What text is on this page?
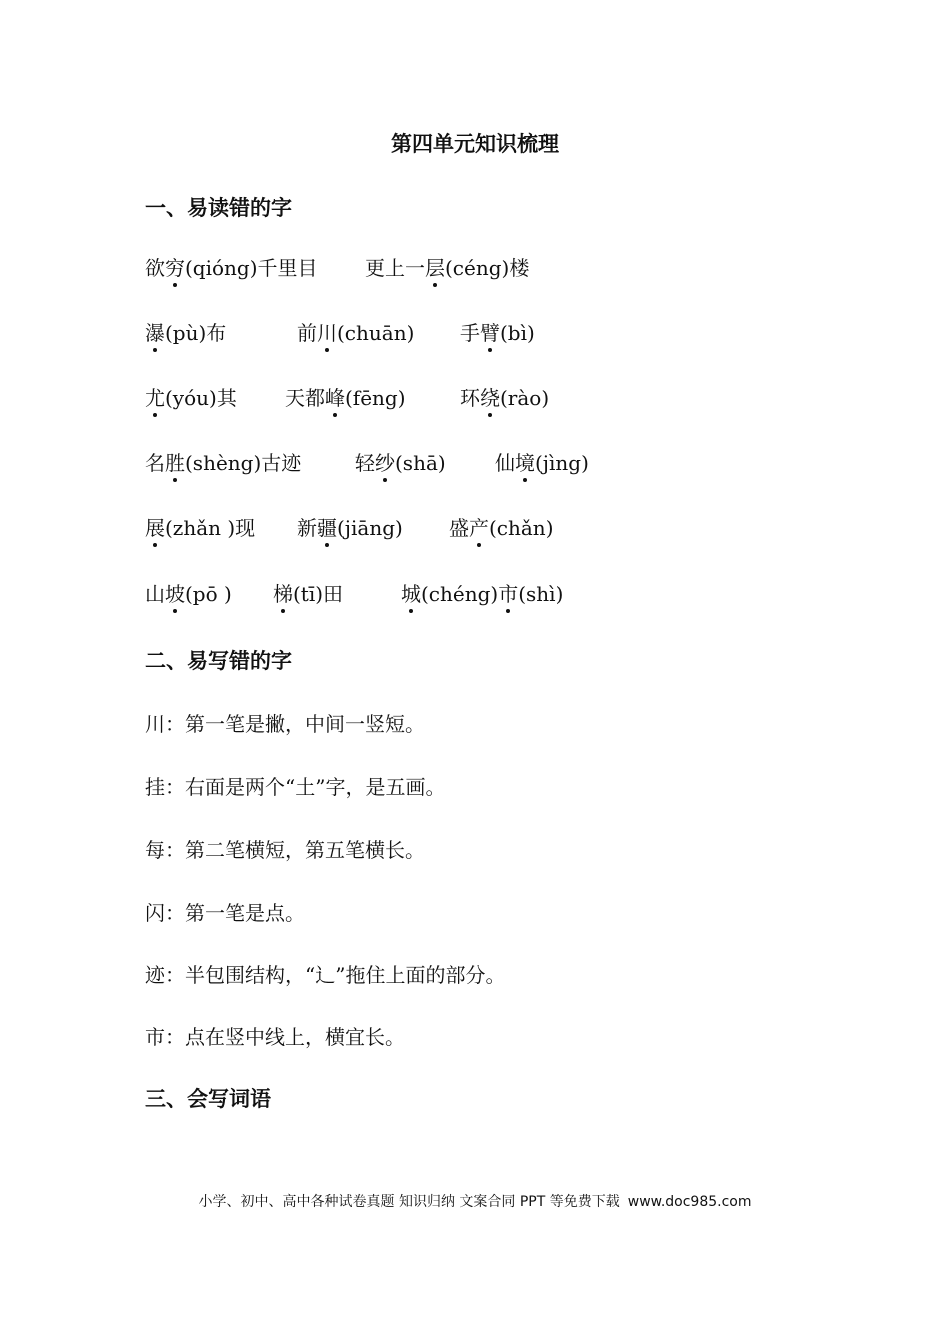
第四单元知识梳理
一、易读错的字
欲穷(qióng)千里目 更上一层(céng)楼
瀑(pù)布	前川(chuān) 手臂(bì)
尤(yóu)其 天都峰(fēng)	环绕(rào)
名胜(shèng)古迹	轻纱(shā) 仙境(jìng)
展(zhǎn )现 新疆(jiāng) 盛产(chǎn)
山坡(pō ) 梯(tī)田	城(chéng)市(shì)
二、易写错的字
川：第一笔是撇，中间一竖短。
挂：右面是两个“土”字，是五画。
每：第二笔横短，第五笔横长。
闪：第一笔是点。
迹：半包围结构，“辶”拖住上面的部分。
市：点在竖中线上，横宜长。
三、会写词语
小学、初中、高中各种试卷真题 知识归纳 文案合同 PPT 等免费下载 www.doc985.com
